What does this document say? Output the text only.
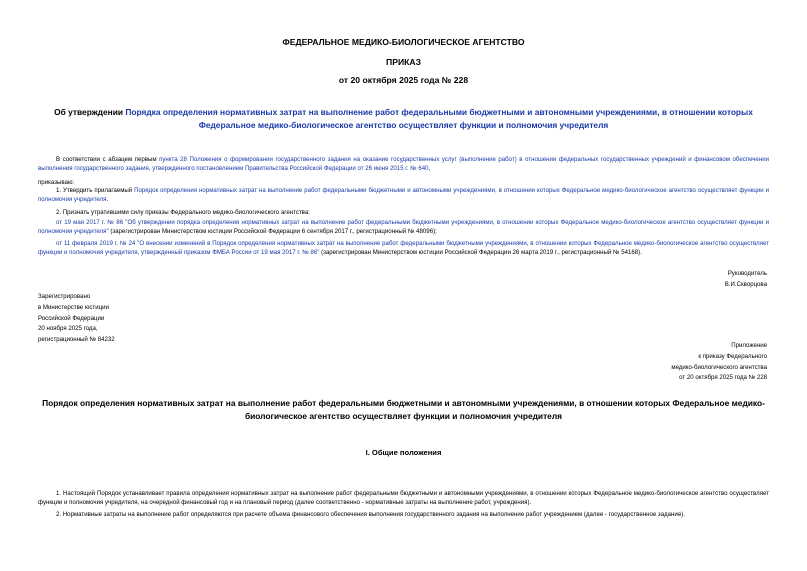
ФЕДЕРАЛЬНОЕ МЕДИКО-БИОЛОГИЧЕСКОЕ АГЕНТСТВО
ПРИКАЗ
от 20 октября 2025 года № 228
Об утверждении Порядка определения нормативных затрат на выполнение работ федеральными бюджетными и автономными учреждениями, в отношении которых Федеральное медико-биологическое агентство осуществляет функции и полномочия учредителя
В соответствии с абзацем первым пункта 28 Положения о формировании государственного задания на оказание государственных услуг (выполнение работ) в отношении федеральных государственных учреждений и финансовом обеспечении выполнения государственного задания, утвержденного постановлением Правительства Российской Федерации от 26 июня 2015 г. № 640,
приказываю:
1. Утвердить прилагаемый Порядок определения нормативных затрат на выполнение работ федеральными бюджетными и автономными учреждениями, в отношении которых Федеральное медико-биологическое агентство осуществляет функции и полномочия учредителя.
2. Признать утратившими силу приказы Федерального медико-биологического агентства:
от 19 мая 2017 г. № 86 "Об утверждении порядка определения нормативных затрат на выполнение работ федеральными бюджетными учреждениями, в отношении которых Федеральное медико-биологическое агентство осуществляет функции и полномочия учредителя" (зарегистрирован Министерством юстиции Российской Федерации 6 сентября 2017 г., регистрационный № 48096);
от 11 февраля 2019 г. № 24 "О внесении изменений в Порядок определения нормативных затрат на выполнение работ федеральными бюджетными учреждениями, в отношении которых Федеральное медико-биологическое агентство осуществляет функции и полномочия учредителя, утвержденный приказом ФМБА России от 19 мая 2017 г. № 86" (зарегистрирован Министерством юстиции Российской Федерации 26 марта 2019 г., регистрационный № 54168).
Руководитель
В.И.Скворцова
Зарегистрировано
в Министерстве юстиции
Российской Федерации
20 ноября 2025 года,
регистрационный № 84232
Приложение
к приказу Федерального
медико-биологического агентства
от 20 октября 2025 года № 228
Порядок определения нормативных затрат на выполнение работ федеральными бюджетными и автономными учреждениями, в отношении которых Федеральное медико-биологическое агентство осуществляет функции и полномочия учредителя
I. Общие положения
1. Настоящий Порядок устанавливает правила определения нормативных затрат на выполнение работ федеральными бюджетными и автономными учреждениями, в отношении которых Федеральное медико-биологическое агентство осуществляет функции и полномочия учредителя, на очередной финансовый год и на плановый период (далее соответственно - нормативные затраты на выполнение работ, учреждения).
2. Нормативные затраты на выполнение работ определяются при расчете объема финансового обеспечения выполнения государственного задания на выполнение работ учреждением (далее - государственное задание).
